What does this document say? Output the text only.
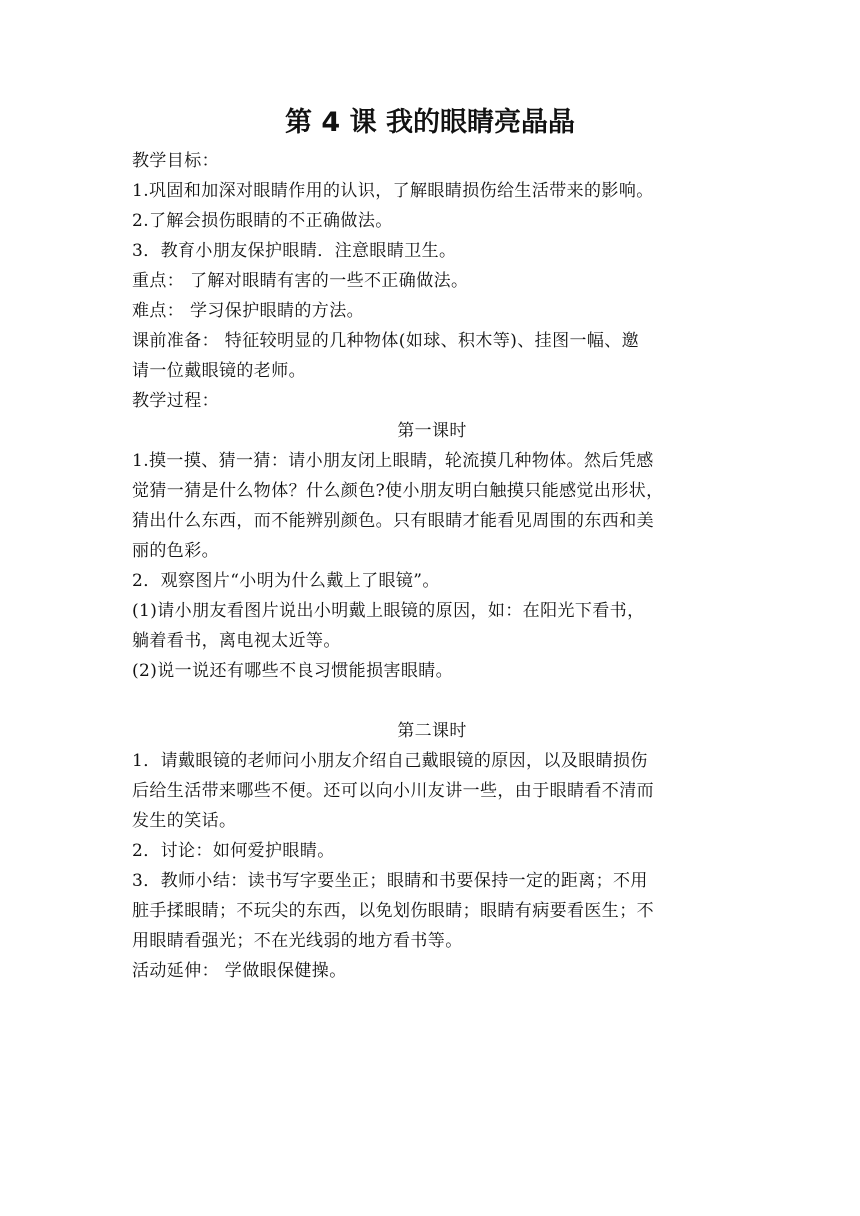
第 4 课 我的眼睛亮晶晶

教学目标：

1.巩固和加深对眼睛作用的认识，了解眼睛损伤给生活带来的影响。

2.了解会损伤眼睛的不正确做法。

3．教育小朋友保护眼睛．注意眼睛卫生。

重点： 了解对眼睛有害的一些不正确做法。

难点： 学习保护眼睛的方法。

课前准备： 特征较明显的几种物体(如球、积木等)、挂图一幅、邀

请一位戴眼镜的老师。

教学过程：

第一课时

1.摸一摸、猜一猜：请小朋友闭上眼睛，轮流摸几种物体。然后凭感

觉猜一猜是什么物体？什么颜色?使小朋友明白触摸只能感觉出形状，

猜出什么东西，而不能辨别颜色。只有眼睛才能看见周围的东西和美

丽的色彩。

2．观察图片“小明为什么戴上了眼镜”。

(1)请小朋友看图片说出小明戴上眼镜的原因，如：在阳光下看书，

躺着看书，离电视太近等。

(2)说一说还有哪些不良习惯能损害眼睛。

第二课时

1．请戴眼镜的老师问小朋友介绍自己戴眼镜的原因，以及眼睛损伤

后给生活带来哪些不便。还可以向小川友讲一些，由于眼睛看不清而

发生的笑话。

2．讨论：如何爱护眼睛。

3．教师小结：读书写字要坐正；眼睛和书要保持一定的距离；不用

脏手揉眼睛；不玩尖的东西，以免划伤眼睛；眼睛有病要看医生；不

用眼睛看强光；不在光线弱的地方看书等。

活动延伸： 学做眼保健操。
